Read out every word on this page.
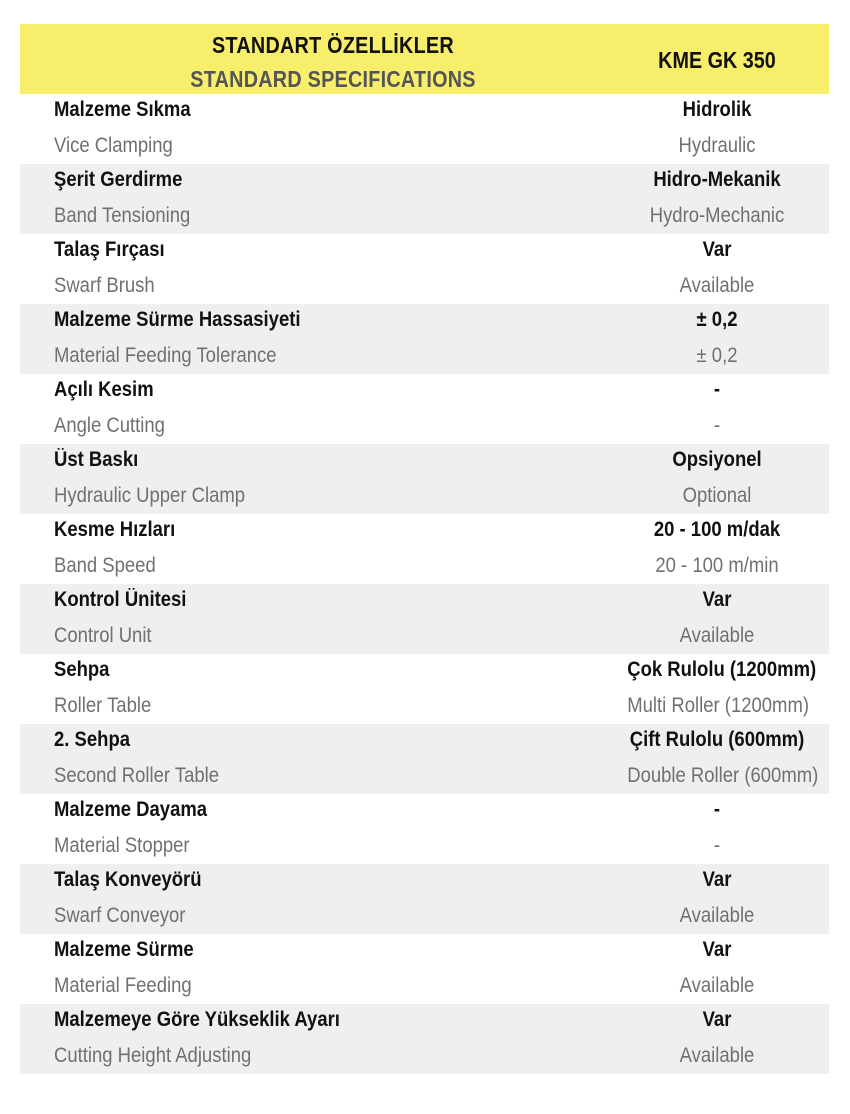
STANDART ÖZELLİKLER
STANDARD SPECIFICATIONS
KME GK 350
Malzeme Sıkma
Vice Clamping
Hidrolik
Hydraulic
Şerit Gerdirme
Band Tensioning
Hidro-Mekanik
Hydro-Mechanic
Talaş Fırçası
Swarf Brush
Var
Available
Malzeme Sürme Hassasiyeti
Material Feeding Tolerance
± 0,2
± 0,2
Açılı Kesim
Angle Cutting
-
-
Üst Baskı
Hydraulic Upper Clamp
Opsiyonel
Optional
Kesme Hızları
Band Speed
20 - 100 m/dak
20 - 100 m/min
Kontrol Ünitesi
Control Unit
Var
Available
Sehpa
Roller Table
Çok Rulolu (1200mm)
Multi Roller (1200mm)
2. Sehpa
Second Roller Table
Çift Rulolu (600mm)
Double Roller (600mm)
Malzeme Dayama
Material Stopper
-
-
Talaş Konveyörü
Swarf Conveyor
Var
Available
Malzeme Sürme
Material Feeding
Var
Available
Malzemeye Göre Yükseklik Ayarı
Cutting Height Adjusting
Var
Available
